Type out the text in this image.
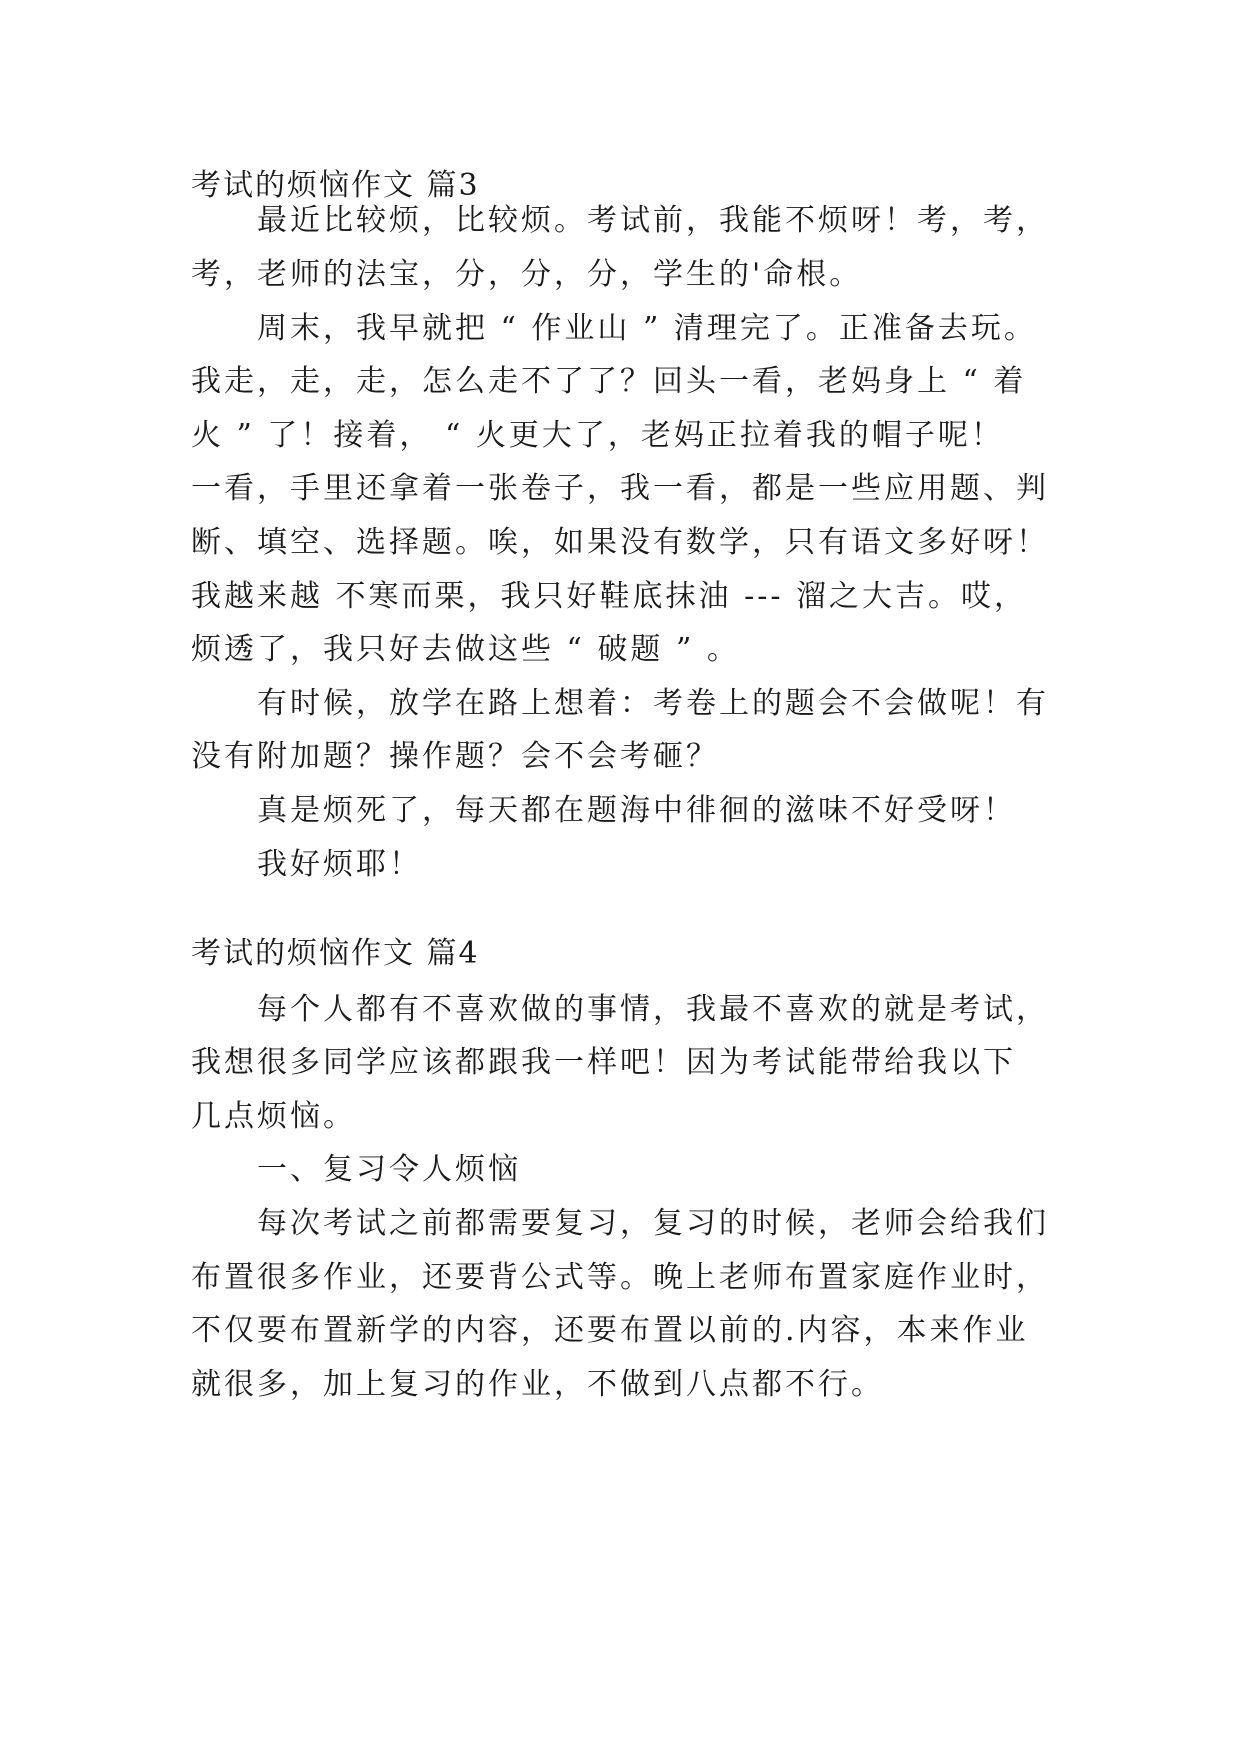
考试的烦恼作文 篇3
最近比较烦，比较烦。考试前，我能不烦呀！考，考，
考，老师的法宝，分，分，分，学生的'命根。
周末，我早就把 “ 作业山 ” 清理完了。正准备去玩。
我走，走，走，怎么走不了了？回头一看，老妈身上 “ 着
火 ” 了！接着， “ 火更大了，老妈正拉着我的帽子呢！
一看，手里还拿着一张卷子，我一看，都是一些应用题、判
断、填空、选择题。唉，如果没有数学，只有语文多好呀！
我越来越 不寒而栗，我只好鞋底抹油 --- 溜之大吉。哎，
烦透了，我只好去做这些 “ 破题 ” 。
有时候，放学在路上想着：考卷上的题会不会做呢！有
没有附加题？操作题？会不会考砸？
真是烦死了，每天都在题海中徘徊的滋味不好受呀！
我好烦耶！
考试的烦恼作文 篇4
每个人都有不喜欢做的事情，我最不喜欢的就是考试，
我想很多同学应该都跟我一样吧！因为考试能带给我以下
几点烦恼。
一、复习令人烦恼
每次考试之前都需要复习，复习的时候，老师会给我们
布置很多作业，还要背公式等。晚上老师布置家庭作业时，
不仅要布置新学的内容，还要布置以前的.内容，本来作业
就很多，加上复习的作业，不做到八点都不行。
